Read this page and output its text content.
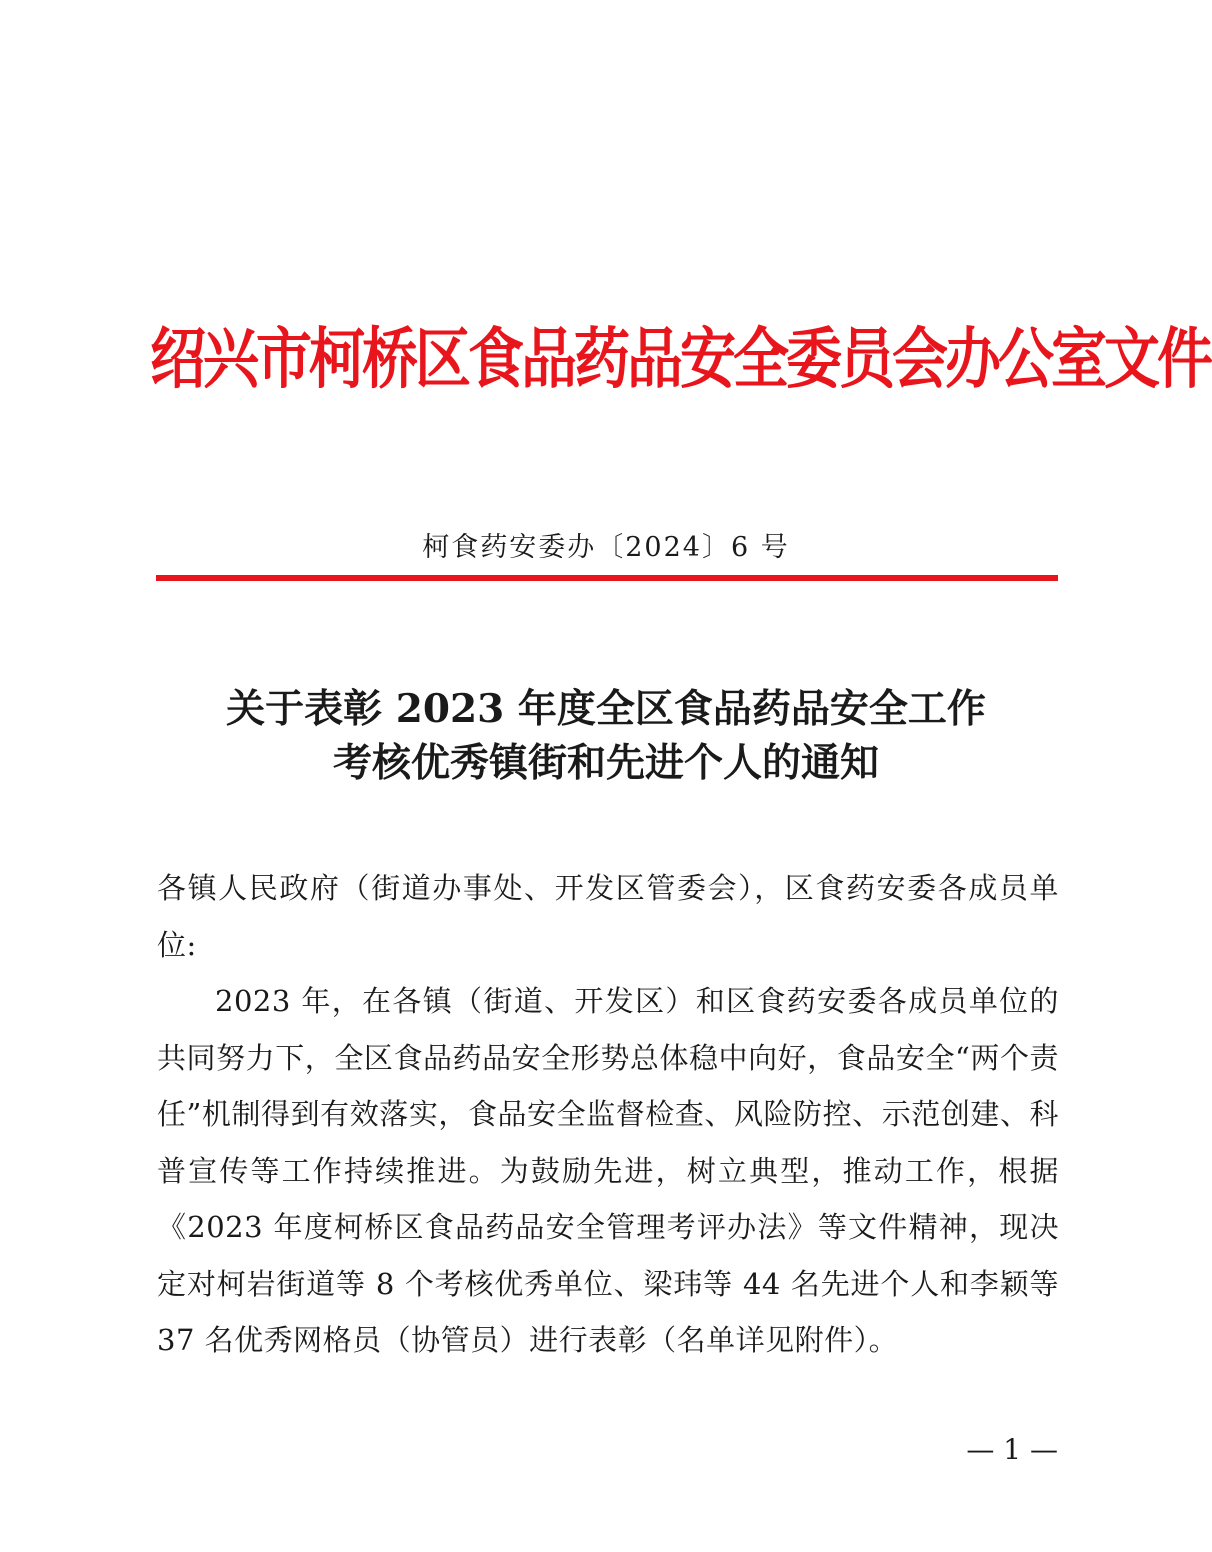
绍兴市柯桥区食品药品安全委员会办公室文件
柯食药安委办〔2024〕6 号
关于表彰 2023 年度全区食品药品安全工作
考核优秀镇街和先进个人的通知

各镇人民政府（街道办事处、开发区管委会），区食药安委各成员单位:

2023 年，在各镇（街道、开发区）和区食药安委各成员单位的共同努力下，全区食品药品安全形势总体稳中向好，食品安全“两个责任”机制得到有效落实，食品安全监督检查、风险防控、示范创建、科普宣传等工作持续推进。为鼓励先进，树立典型，推动工作，根据《2023 年度柯桥区食品药品安全管理考评办法》等文件精神，现决定对柯岩街道等 8 个考核优秀单位、梁玮等 44 名先进个人和李颖等 37 名优秀网格员（协管员）进行表彰（名单详见附件）。

— 1 —
